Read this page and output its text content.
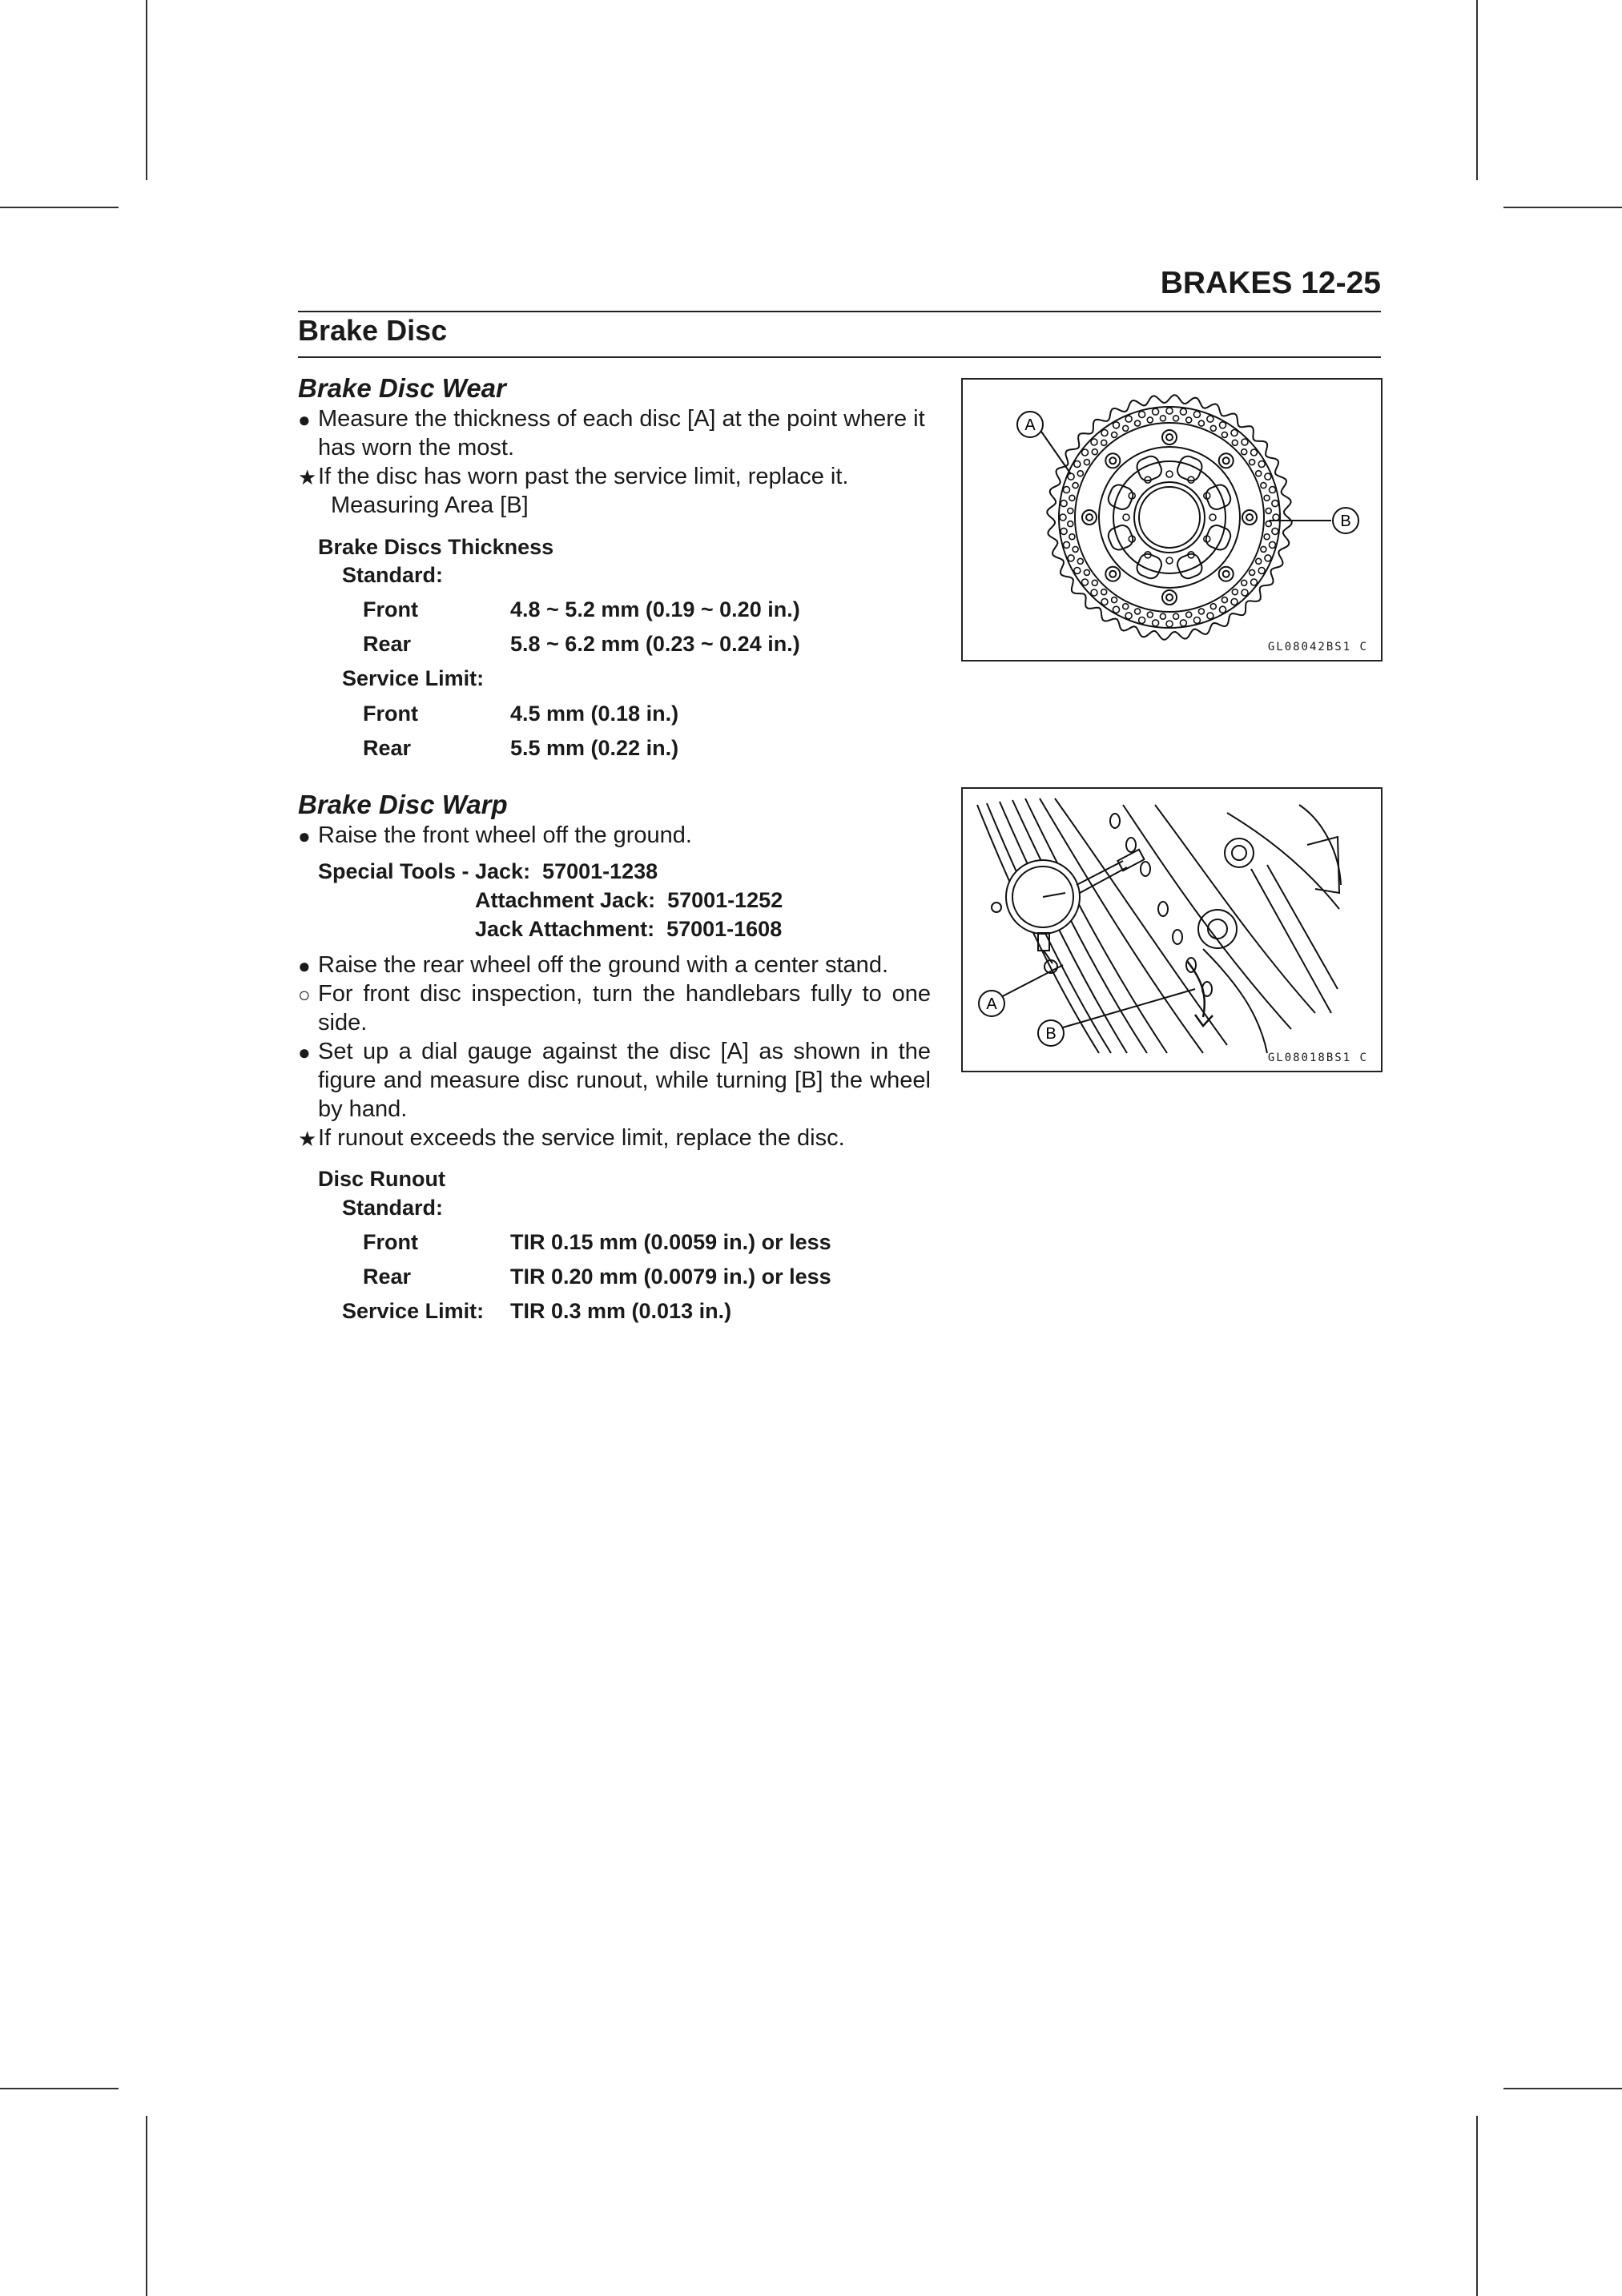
BRAKES 12-25
Brake Disc
Brake Disc Wear
● Measure the thickness of each disc [A] at the point where it has worn the most.
★ If the disc has worn past the service limit, replace it.
Measuring Area [B]
Brake Discs Thickness
Standard:
Front	4.8 ~ 5.2 mm (0.19 ~ 0.20 in.)
Rear	5.8 ~ 6.2 mm (0.23 ~ 0.24 in.)
Service Limit:
Front	4.5 mm (0.18 in.)
Rear	5.5 mm (0.22 in.)
A
B
GL08042BS1 C
Brake Disc Warp
● Raise the front wheel off the ground.
Special Tools - Jack:  57001-1238
Attachment Jack:  57001-1252
Jack Attachment:  57001-1608
● Raise the rear wheel off the ground with a center stand.
○ For front disc inspection, turn the handlebars fully to one side.
● Set up a dial gauge against the disc [A] as shown in the figure and measure disc runout, while turning [B] the wheel by hand.
★ If runout exceeds the service limit, replace the disc.
Disc Runout
Standard:
Front	TIR 0.15 mm (0.0059 in.) or less
Rear	TIR 0.20 mm (0.0079 in.) or less
Service Limit: TIR 0.3 mm (0.013 in.)
A
B
GL08018BS1 C
